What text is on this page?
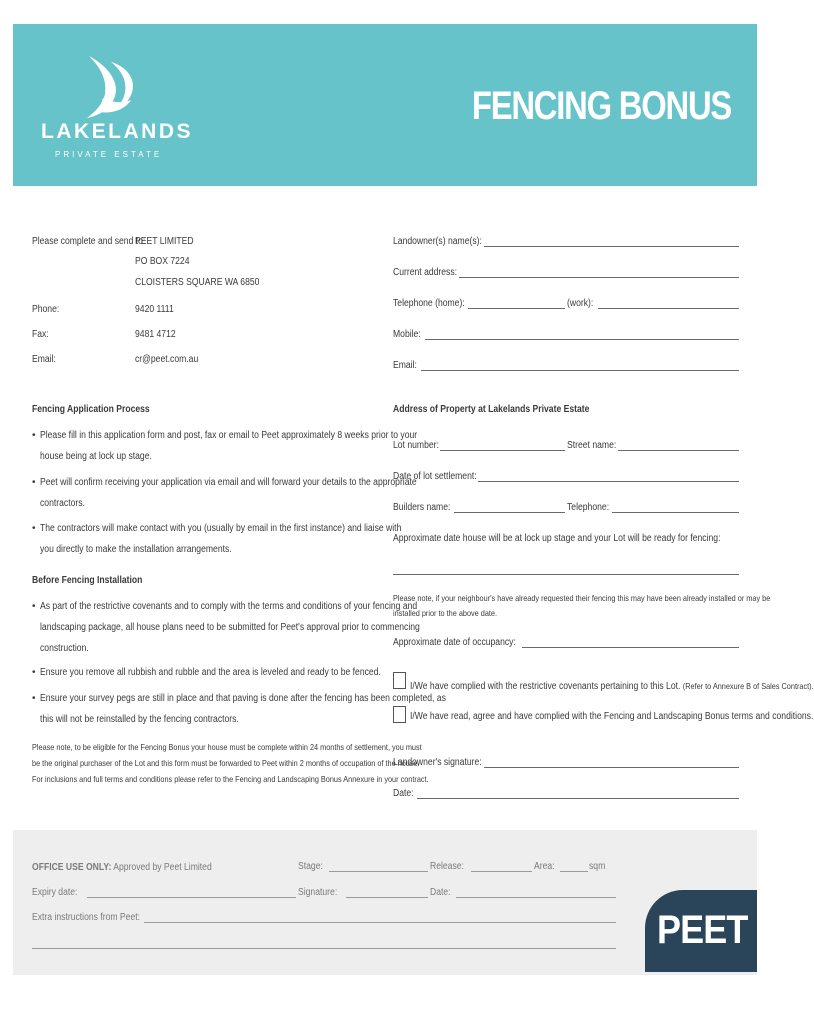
LAKELANDS
PRIVATE ESTATE
FENCING BONUS
Please complete and send to:
PEET LIMITED
PO BOX 7224
CLOISTERS SQUARE WA 6850
Phone:	9420 1111
Fax:	9481 4712
Email:	cr@peet.com.au
Landowner(s) name(s):
Current address:
Telephone (home):	(work):
Mobile:
Email:
Fencing Application Process
• Please fill in this application form and post, fax or email to Peet approximately 8 weeks prior to your
house being at lock up stage.
• Peet will confirm receiving your application via email and will forward your details to the appropriate
contractors.
• The contractors will make contact with you (usually by email in the first instance) and liaise with
you directly to make the installation arrangements.
Before Fencing Installation
• As part of the restrictive covenants and to comply with the terms and conditions of your fencing and
landscaping package, all house plans need to be submitted for Peet's approval prior to commencing
construction.
• Ensure you remove all rubbish and rubble and the area is leveled and ready to be fenced.
• Ensure your survey pegs are still in place and that paving is done after the fencing has been completed, as
this will not be reinstalled by the fencing contractors.
Please note, to be eligible for the Fencing Bonus your house must be complete within 24 months of settlement, you must
be the original purchaser of the Lot and this form must be forwarded to Peet within 2 months of occupation of the house.
For inclusions and full terms and conditions please refer to the Fencing and Landscaping Bonus Annexure in your contract.
Address of Property at Lakelands Private Estate
Lot number:	Street name:
Date of lot settlement:
Builders name:	Telephone:
Approximate date house will be at lock up stage and your Lot will be ready for fencing:
Please note, if your neighbour's have already requested their fencing this may have been already installed or may be
installed prior to the above date.
Approximate date of occupancy:
I/We have complied with the restrictive covenants pertaining to this Lot. (Refer to Annexure B of Sales Contract).
I/We have read, agree and have complied with the Fencing and Landscaping Bonus terms and conditions.
Landowner's signature:
Date:
OFFICE USE ONLY: Approved by Peet Limited	Stage:	Release:	Area:	sqm
Expiry date:	Signature:	Date:
Extra instructions from Peet:	PEET
